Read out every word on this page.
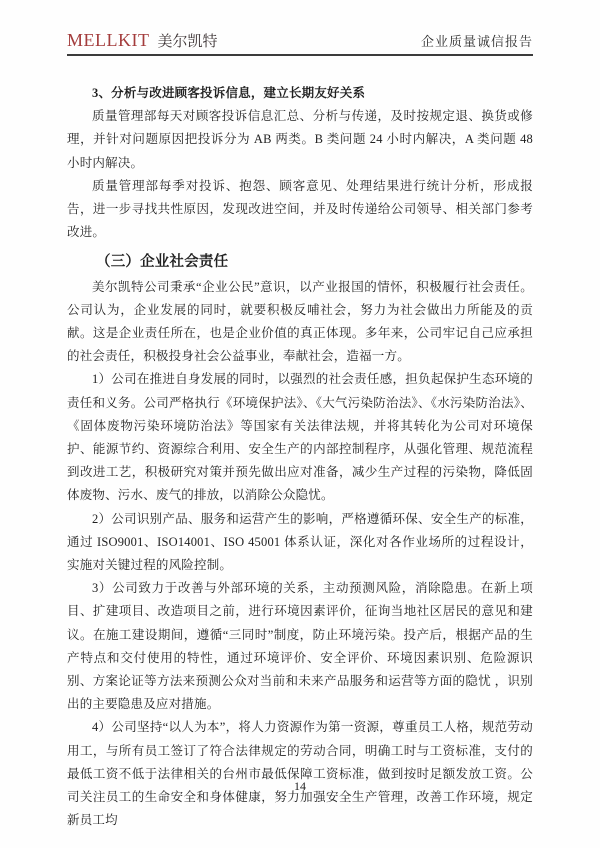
MELLKIT 美尔凯特	企业质量诚信报告

3、分析与改进顾客投诉信息，建立长期友好关系

质量管理部每天对顾客投诉信息汇总、分析与传递，及时按规定退、换货或修理，并针对问题原因把投诉分为 AB 两类。B 类问题 24 小时内解决，A 类问题 48 小时内解决。

质量管理部每季对投诉、抱怨、顾客意见、处理结果进行统计分析，形成报告，进一步寻找共性原因，发现改进空间，并及时传递给公司领导、相关部门参考改进。

（三）企业社会责任

美尔凯特公司秉承“企业公民”意识，以产业报国的情怀，积极履行社会责任。公司认为，企业发展的同时，就要积极反哺社会，努力为社会做出力所能及的贡献。这是企业责任所在，也是企业价值的真正体现。多年来，公司牢记自己应承担的社会责任，积极投身社会公益事业，奉献社会，造福一方。

1）公司在推进自身发展的同时，以强烈的社会责任感，担负起保护生态环境的责任和义务。公司严格执行《环境保护法》、《大气污染防治法》、《水污染防治法》、《固体废物污染环境防治法》等国家有关法律法规，并将其转化为公司对环境保护、能源节约、资源综合利用、安全生产的内部控制程序，从强化管理、规范流程到改进工艺，积极研究对策并预先做出应对准备，减少生产过程的污染物，降低固体废物、污水、废气的排放，以消除公众隐忧。

2）公司识别产品、服务和运营产生的影响，严格遵循环保、安全生产的标准，通过 ISO9001、ISO14001、ISO 45001 体系认证，深化对各作业场所的过程设计，实施对关键过程的风险控制。

3）公司致力于改善与外部环境的关系，主动预测风险，消除隐患。在新上项目、扩建项目、改造项目之前，进行环境因素评价，征询当地社区居民的意见和建议。在施工建设期间，遵循“三同时”制度，防止环境污染。投产后，根据产品的生产特点和交付使用的特性，通过环境评价、安全评价、环境因素识别、危险源识别、方案论证等方法来预测公众对当前和未来产品服务和运营等方面的隐忧 ，识别出的主要隐患及应对措施。

4）公司坚持“以人为本”，将人力资源作为第一资源，尊重员工人格，规范劳动用工，与所有员工签订了符合法律规定的劳动合同，明确工时与工资标准，支付的最低工资不低于法律相关的台州市最低保障工资标准，做到按时足额发放工资。公司关注员工的生命安全和身体健康，努力加强安全生产管理，改善工作环境，规定新员工均

14
